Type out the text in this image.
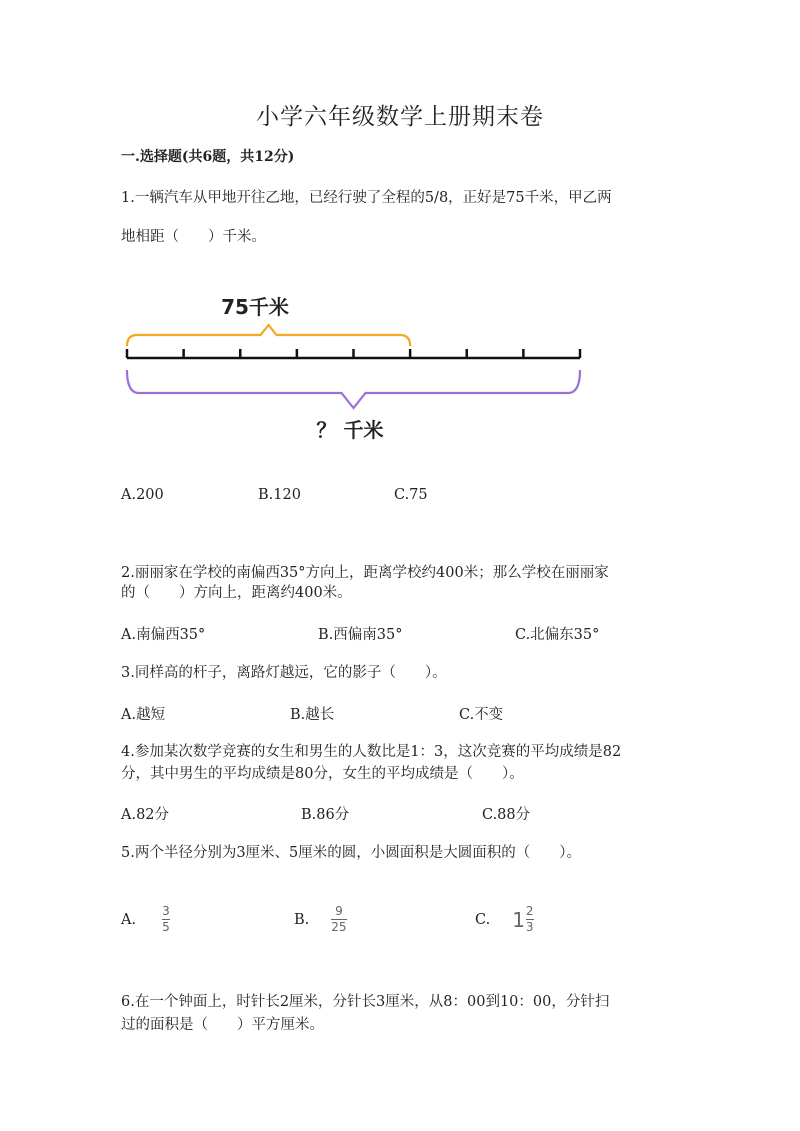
小学六年级数学上册期末卷
一.选择题(共6题，共12分)
1.一辆汽车从甲地开往乙地，已经行驶了全程的5/8，正好是75千米，甲乙两
地相距（　　）千米。
75千米
？ 千米
A.200	B.120	C.75
2.丽丽家在学校的南偏西35°方向上，距离学校约400米；那么学校在丽丽家
的（　　）方向上，距离约400米。
A.南偏西35°	B.西偏南35°	C.北偏东35°
3.同样高的杆子，离路灯越远，它的影子（　　）。
A.越短	B.越长	C.不变
4.参加某次数学竞赛的女生和男生的人数比是1：3，这次竞赛的平均成绩是82
分，其中男生的平均成绩是80分，女生的平均成绩是（　　）。
A.82分	B.86分	C.88分
5.两个半径分别为3厘米、5厘米的圆，小圆面积是大圆面积的（　　）。
A. $\frac{3}{5}$	B. $\frac{9}{25}$	C. $1 \frac{2}{3}$
6.在一个钟面上，时针长2厘米，分针长3厘米，从8：00到10：00，分针扫
过的面积是（　　）平方厘米。
